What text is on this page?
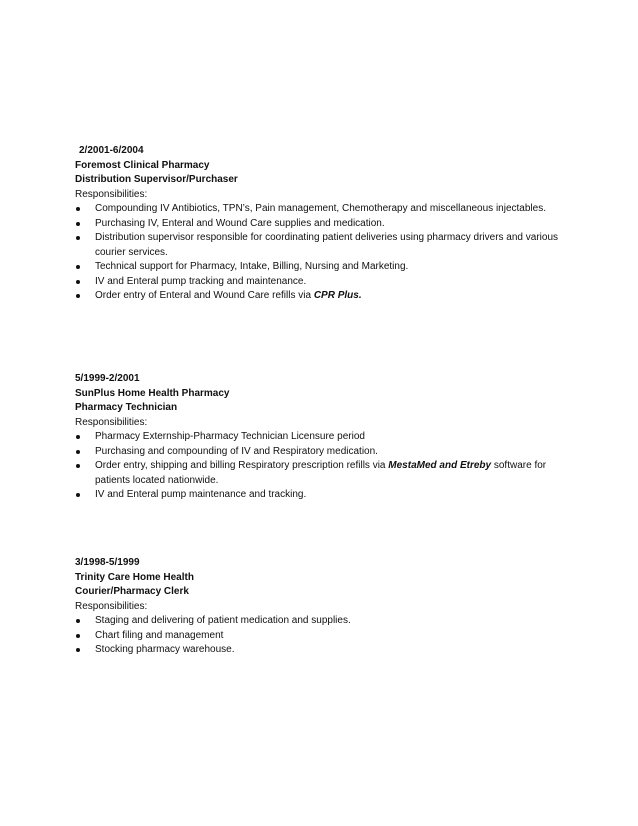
2/2001-6/2004

Foremost Clinical Pharmacy

Distribution Supervisor/Purchaser

Responsibilities:

Compounding IV Antibiotics, TPN’s, Pain management, Chemotherapy and miscellaneous injectables.
Purchasing IV, Enteral and Wound Care supplies and medication.
Distribution supervisor responsible for coordinating patient deliveries using pharmacy drivers and various courier services.
Technical support for Pharmacy, Intake, Billing, Nursing and Marketing.
IV and Enteral pump tracking and maintenance.
Order entry of Enteral and Wound Care refills via CPR Plus.

5/1999-2/2001

SunPlus Home Health Pharmacy

Pharmacy Technician

Responsibilities:

Pharmacy Externship-Pharmacy Technician Licensure period
Purchasing and compounding of IV and Respiratory medication.
Order entry, shipping and billing Respiratory prescription refills via MestaMed and Etreby software for patients located nationwide.
IV and Enteral pump maintenance and tracking.

3/1998-5/1999

Trinity Care Home Health

Courier/Pharmacy Clerk

Responsibilities:

Staging and delivering of patient medication and supplies.
Chart filing and management
Stocking pharmacy warehouse.
